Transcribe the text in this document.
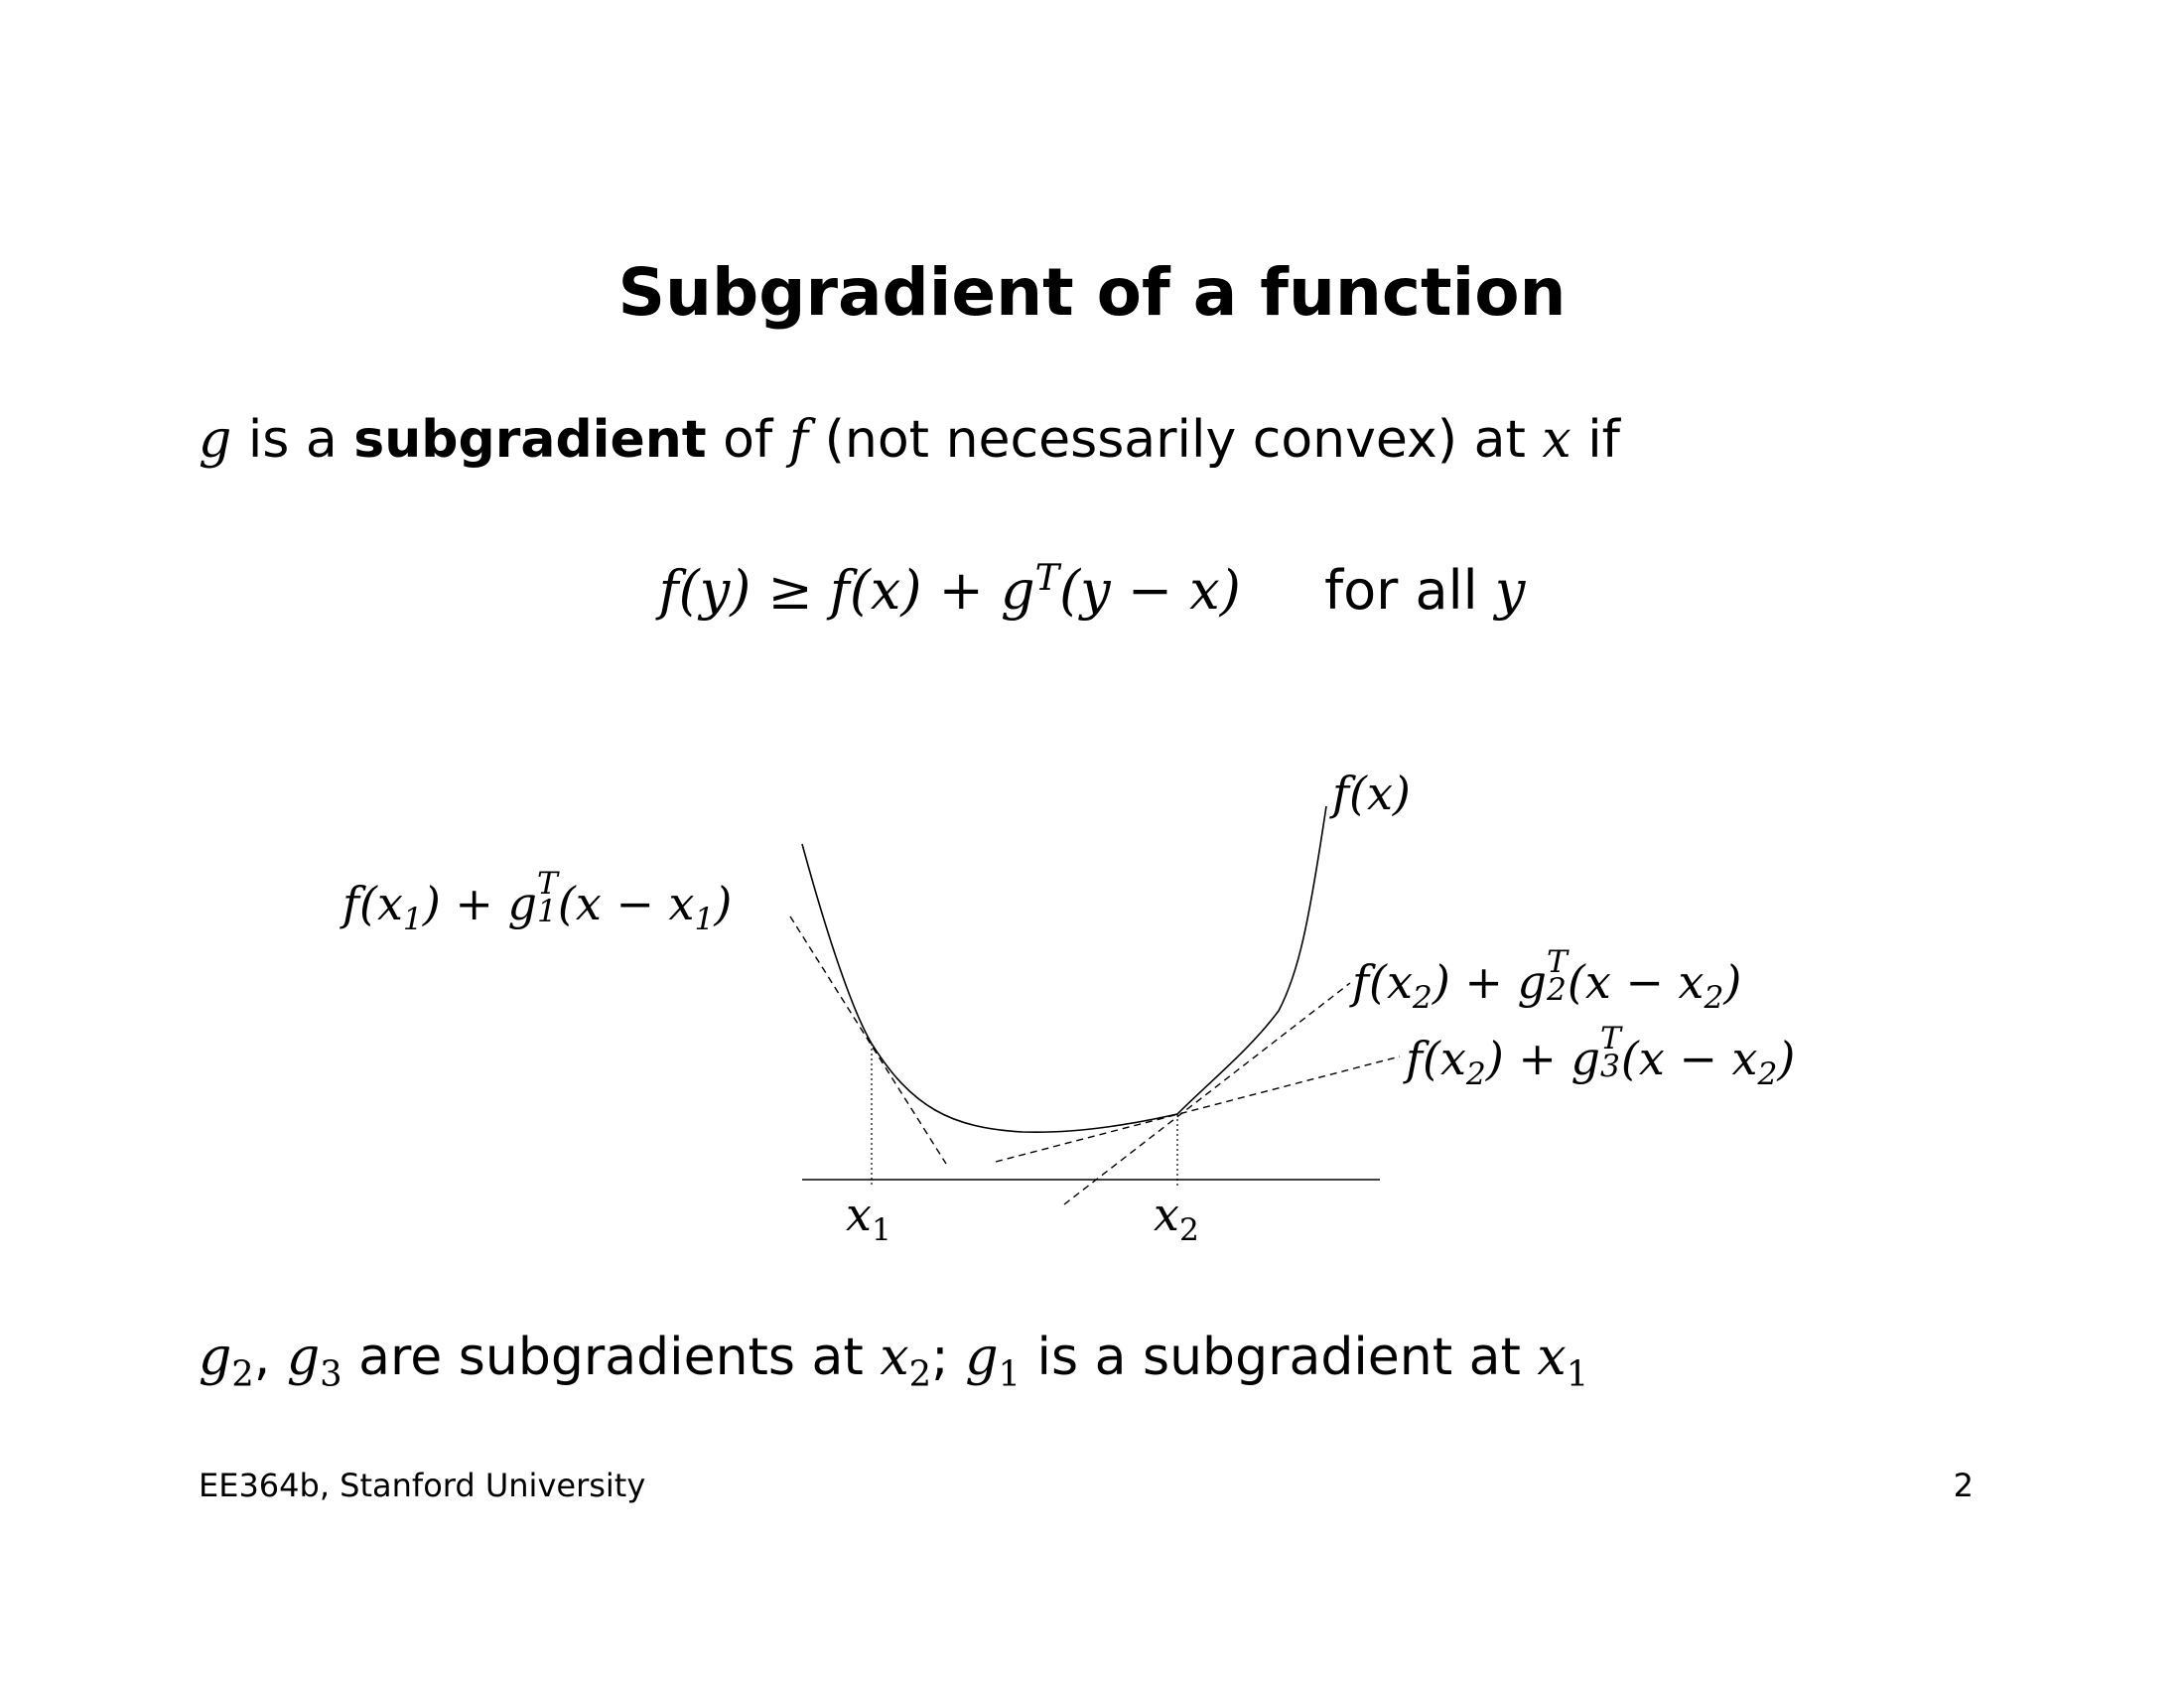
Subgradient of a function
g is a subgradient of f (not necessarily convex) at x if
$f(y) \ge f(x) + g^T(y - x)$ for all y
f(x)
$f(x_1) + g$ T
1 $(x - x_1)$
$f(x_2) + g$ T
2 $(x - x_2)$
$f(x_2) + g$ T
3 $(x - x_2)$
$x_1$	$x_2$
$g_2$, $g_3$ are subgradients at $x_2$; $g_1$ is a subgradient at $x_1$
EE364b, Stanford University	2
